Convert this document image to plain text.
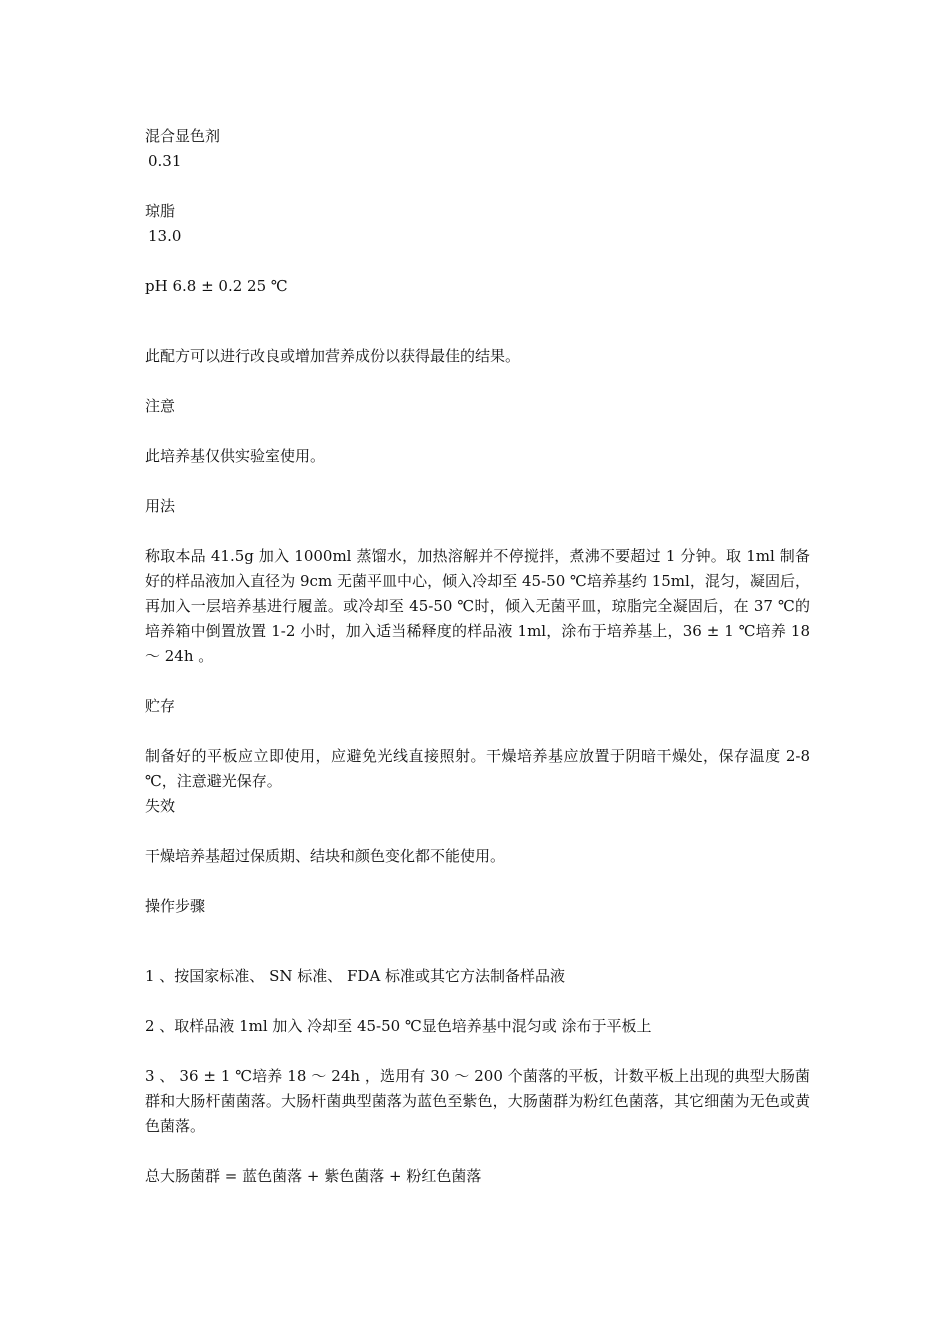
混合显色剂
0.31
琼脂
13.0
pH 6.8 ± 0.2 25 ℃
此配方可以进行改良或增加营养成份以获得最佳的结果。
注意
此培养基仅供实验室使用。
用法
称取本品 41.5g 加入 1000ml 蒸馏水，加热溶解并不停搅拌，煮沸不要超过 1 分钟。取 1ml 制备好的样品液加入直径为 9cm 无菌平皿中心，倾入冷却至 45-50 ℃培养基约 15ml，混匀，凝固后，再加入一层培养基进行履盖。或冷却至 45-50 ℃时，倾入无菌平皿，琼脂完全凝固后，在 37 ℃的培养箱中倒置放置 1-2 小时，加入适当稀释度的样品液 1ml，涂布于培养基上，36 ± 1 ℃培养 18 ～ 24h 。
贮存
制备好的平板应立即使用，应避免光线直接照射。干燥培养基应放置于阴暗干燥处，保存温度 2-8 ℃，注意避光保存。
失效
干燥培养基超过保质期、结块和颜色变化都不能使用。
操作步骤
1 、按国家标准、 SN 标准、 FDA 标准或其它方法制备样品液
2 、取样品液 1ml 加入 冷却至 45-50 ℃显色培养基中混匀或 涂布于平板上
3 、 36 ± 1 ℃培养 18 ～ 24h ，选用有 30 ～ 200 个菌落的平板，计数平板上出现的典型大肠菌群和大肠杆菌菌落。大肠杆菌典型菌落为蓝色至紫色，大肠菌群为粉红色菌落，其它细菌为无色或黄色菌落。
总大肠菌群 = 蓝色菌落 + 紫色菌落 + 粉红色菌落
